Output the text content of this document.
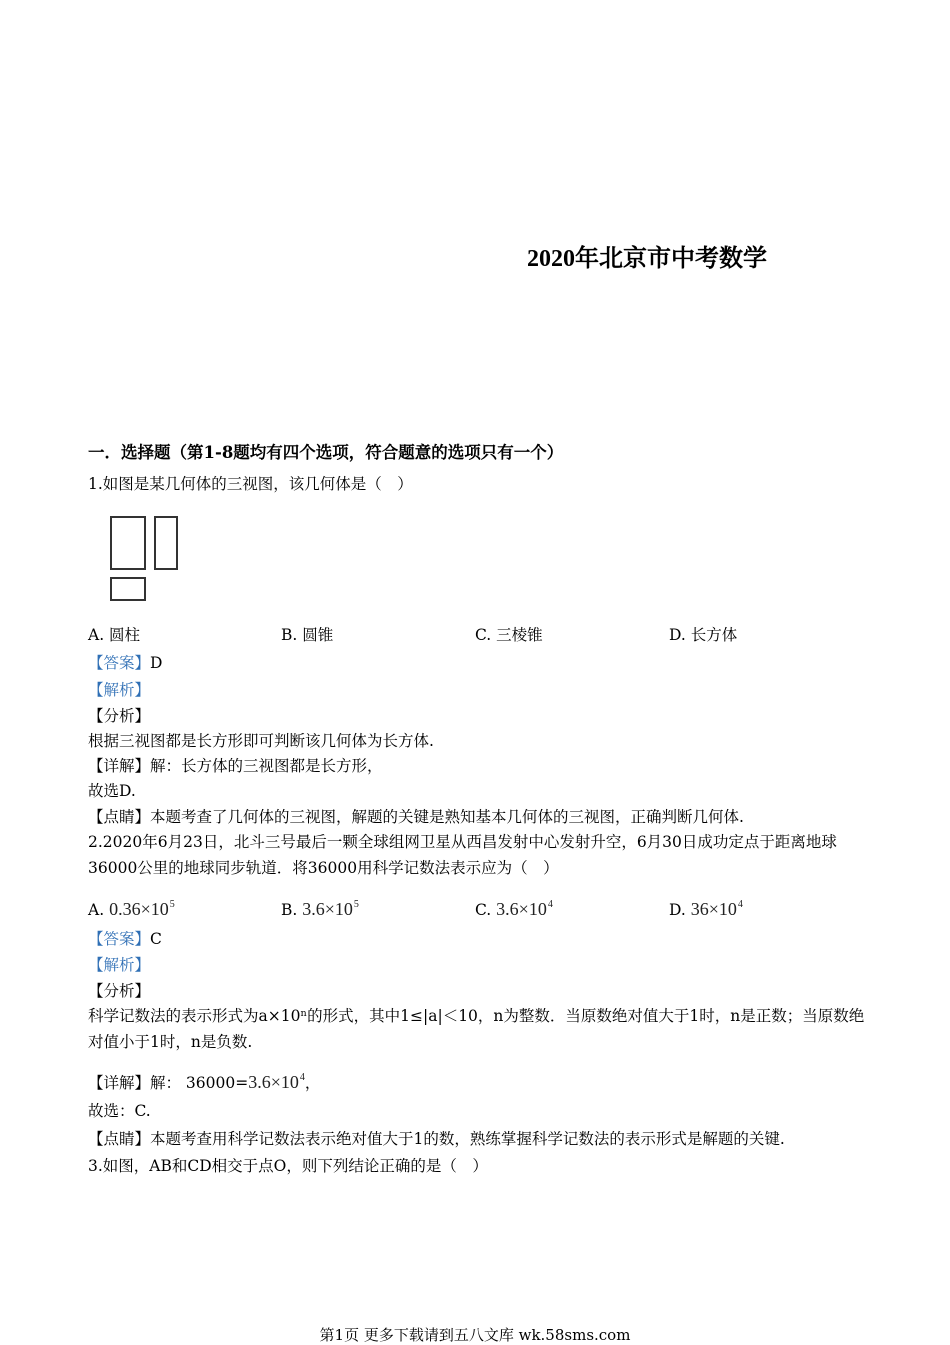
2020年北京市中考数学
一．选择题（第1-8题均有四个选项，符合题意的选项只有一个）
1.如图是某几何体的三视图，该几何体是（　）
A. 圆柱	B. 圆锥	C. 三棱锥	D. 长方体
【答案】D
【解析】
【分析】
根据三视图都是长方形即可判断该几何体为长方体.
【详解】解：长方体的三视图都是长方形，
故选D.
【点睛】本题考查了几何体的三视图，解题的关键是熟知基本几何体的三视图，正确判断几何体.
2.2020年6月23日，北斗三号最后一颗全球组网卫星从西昌发射中心发射升空，6月30日成功定点于距离地球36000公里的地球同步轨道．将36000用科学记数法表示应为（　）
A. $0.36\times 10^5$	B. $3.6\times 10^5$	C. $3.6\times 10^4$	D. $36\times 10^4$
【答案】C
【解析】
【分析】
科学记数法的表示形式为a×10ⁿ的形式，其中1≤|a|＜10，n为整数．当原数绝对值大于1时，n是正数；当原数绝对值小于1时，n是负数.
【详解】解： $36000=3.6\times 10^4$，
故选：C.
【点睛】本题考查用科学记数法表示绝对值大于1的数，熟练掌握科学记数法的表示形式是解题的关键.
3.如图，AB和CD相交于点O，则下列结论正确的是（　）
第1页 更多下载请到五八文库 wk.58sms.com
